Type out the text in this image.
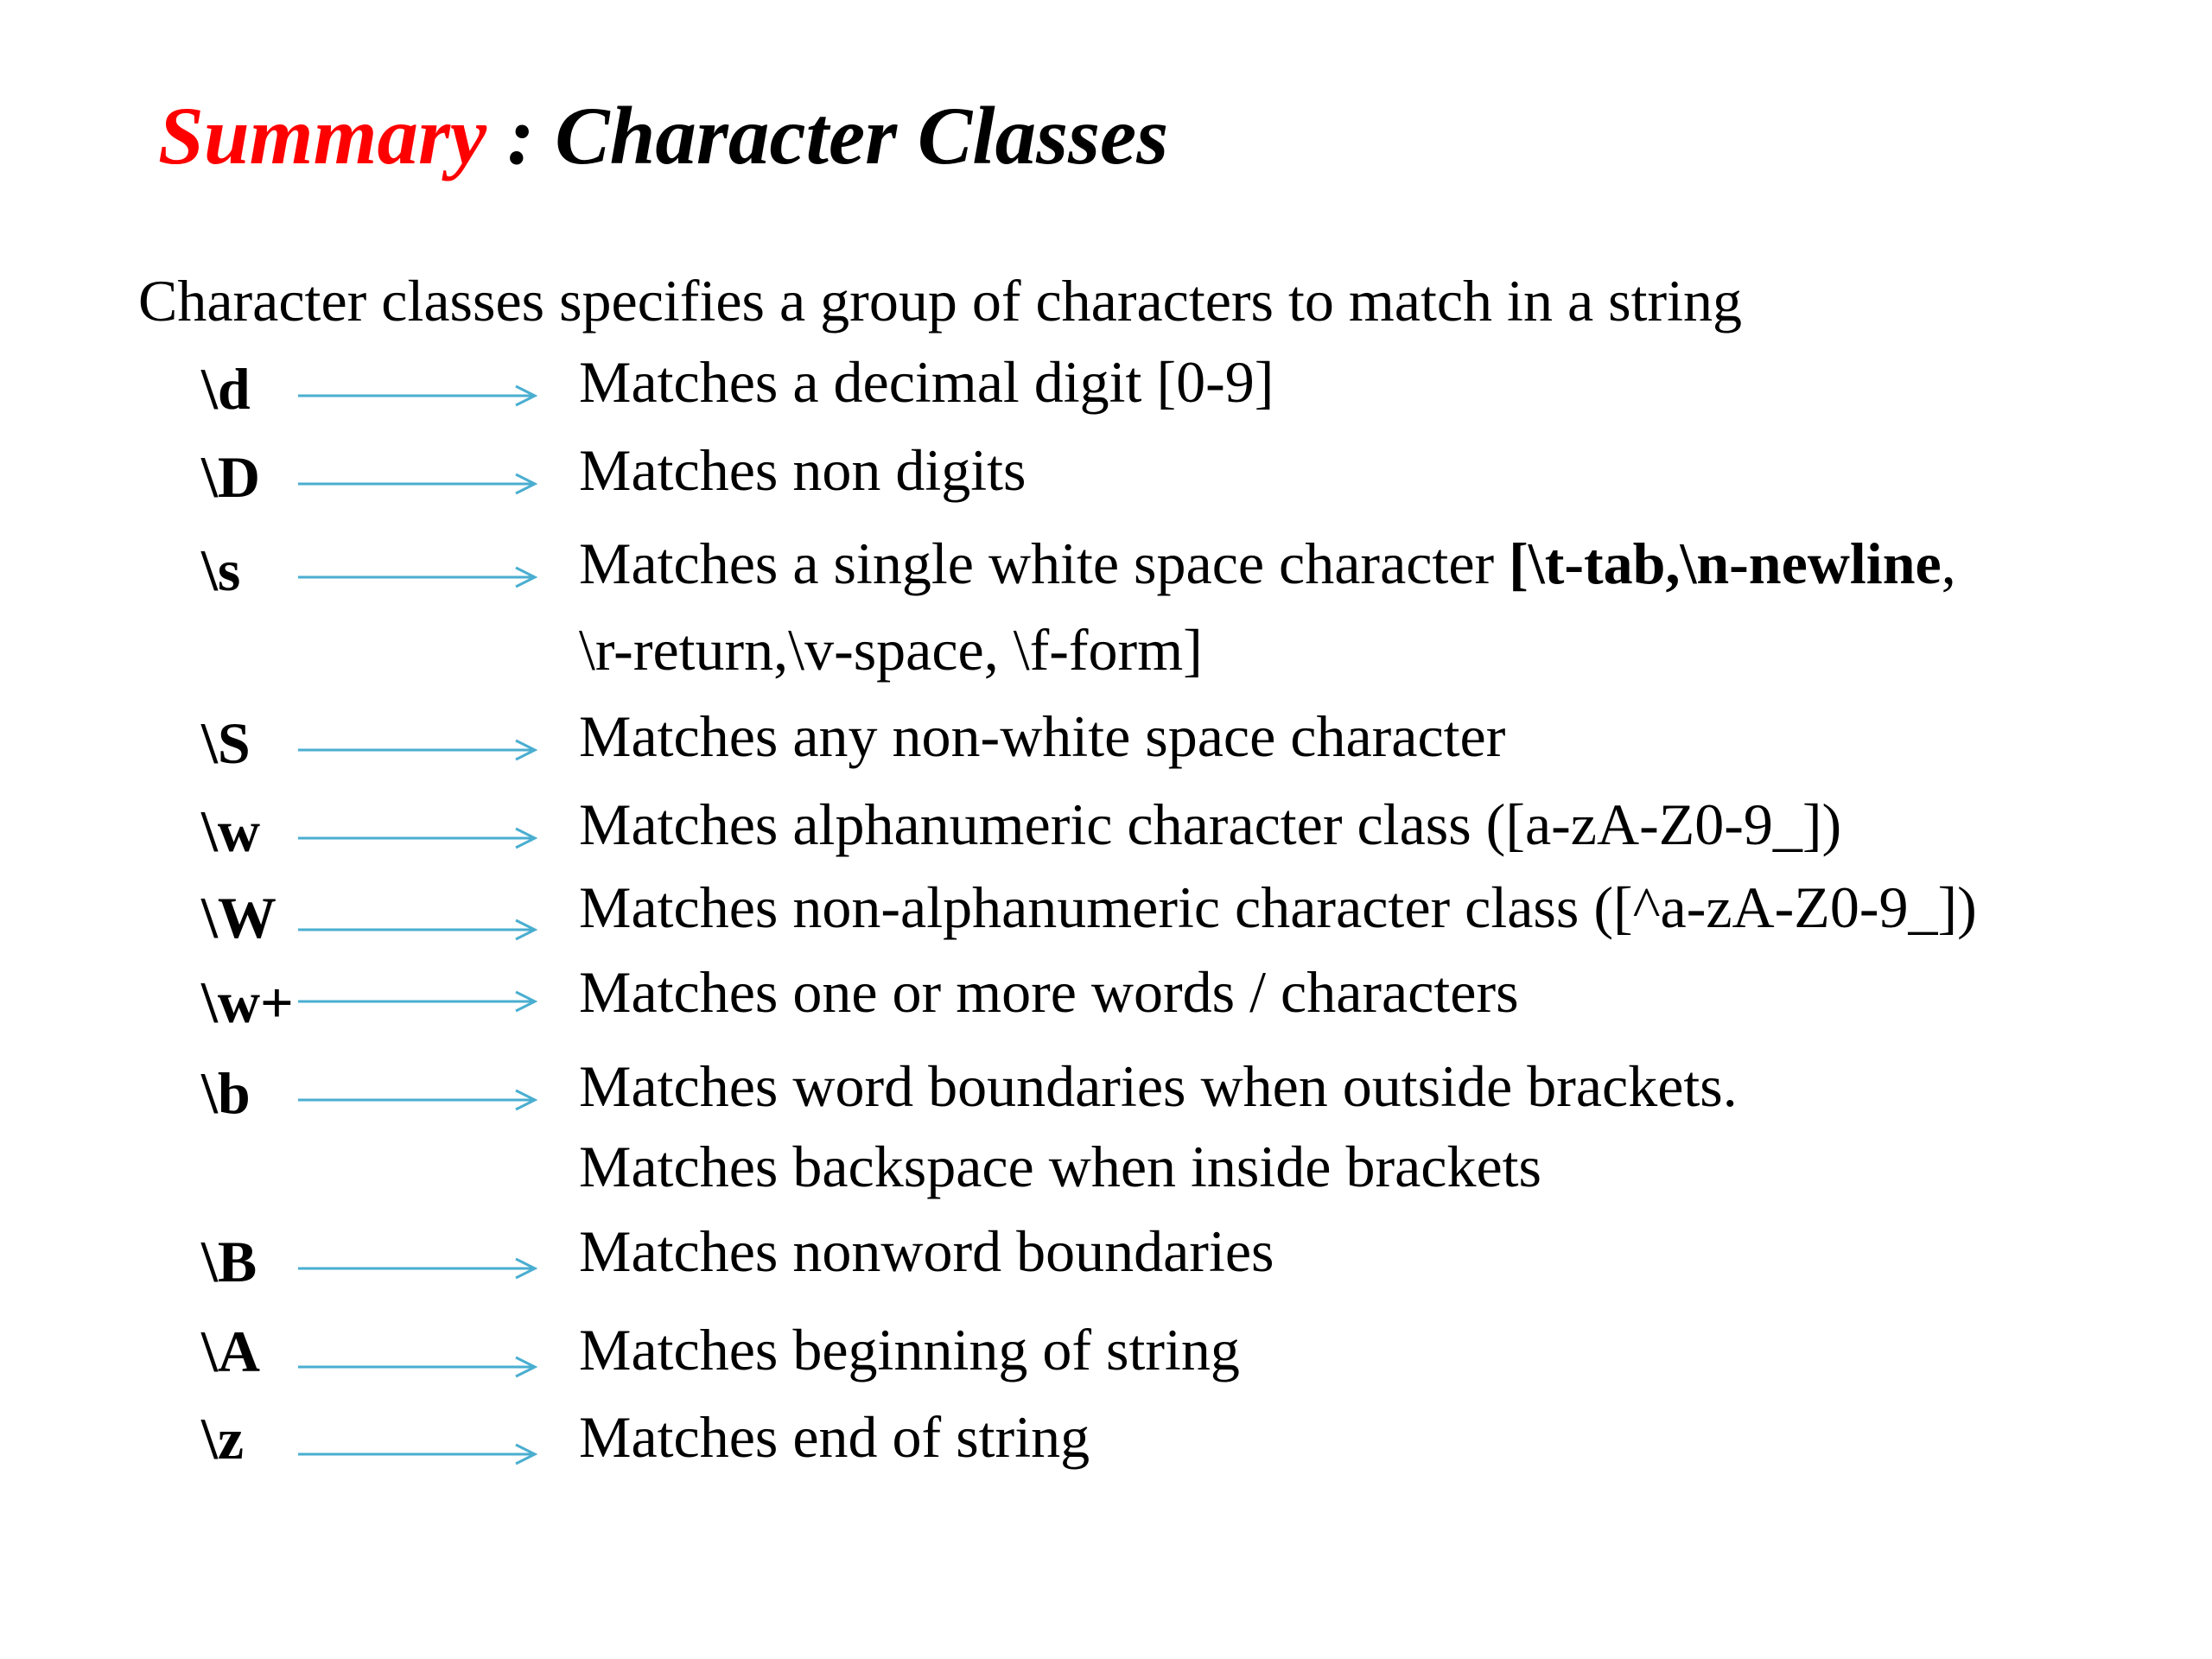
Summary : Character Classes

Character classes specifies a group of characters to match in a string

\d	Matches a decimal digit [0-9]
\D	Matches non digits
\s	Matches a single white space character [\t-tab,\n-newline,
\r-return,\v-space, \f-form]
\S	Matches any non-white space character
\w	Matches alphanumeric character class ([a-zA-Z0-9_])
\W	Matches non-alphanumeric character class ([^a-zA-Z0-9_])
\w+	Matches one or more words / characters
\b	Matches word boundaries when outside brackets.
Matches backspace when inside brackets
\B	Matches nonword boundaries
\A	Matches beginning of string
\z	Matches end of string
